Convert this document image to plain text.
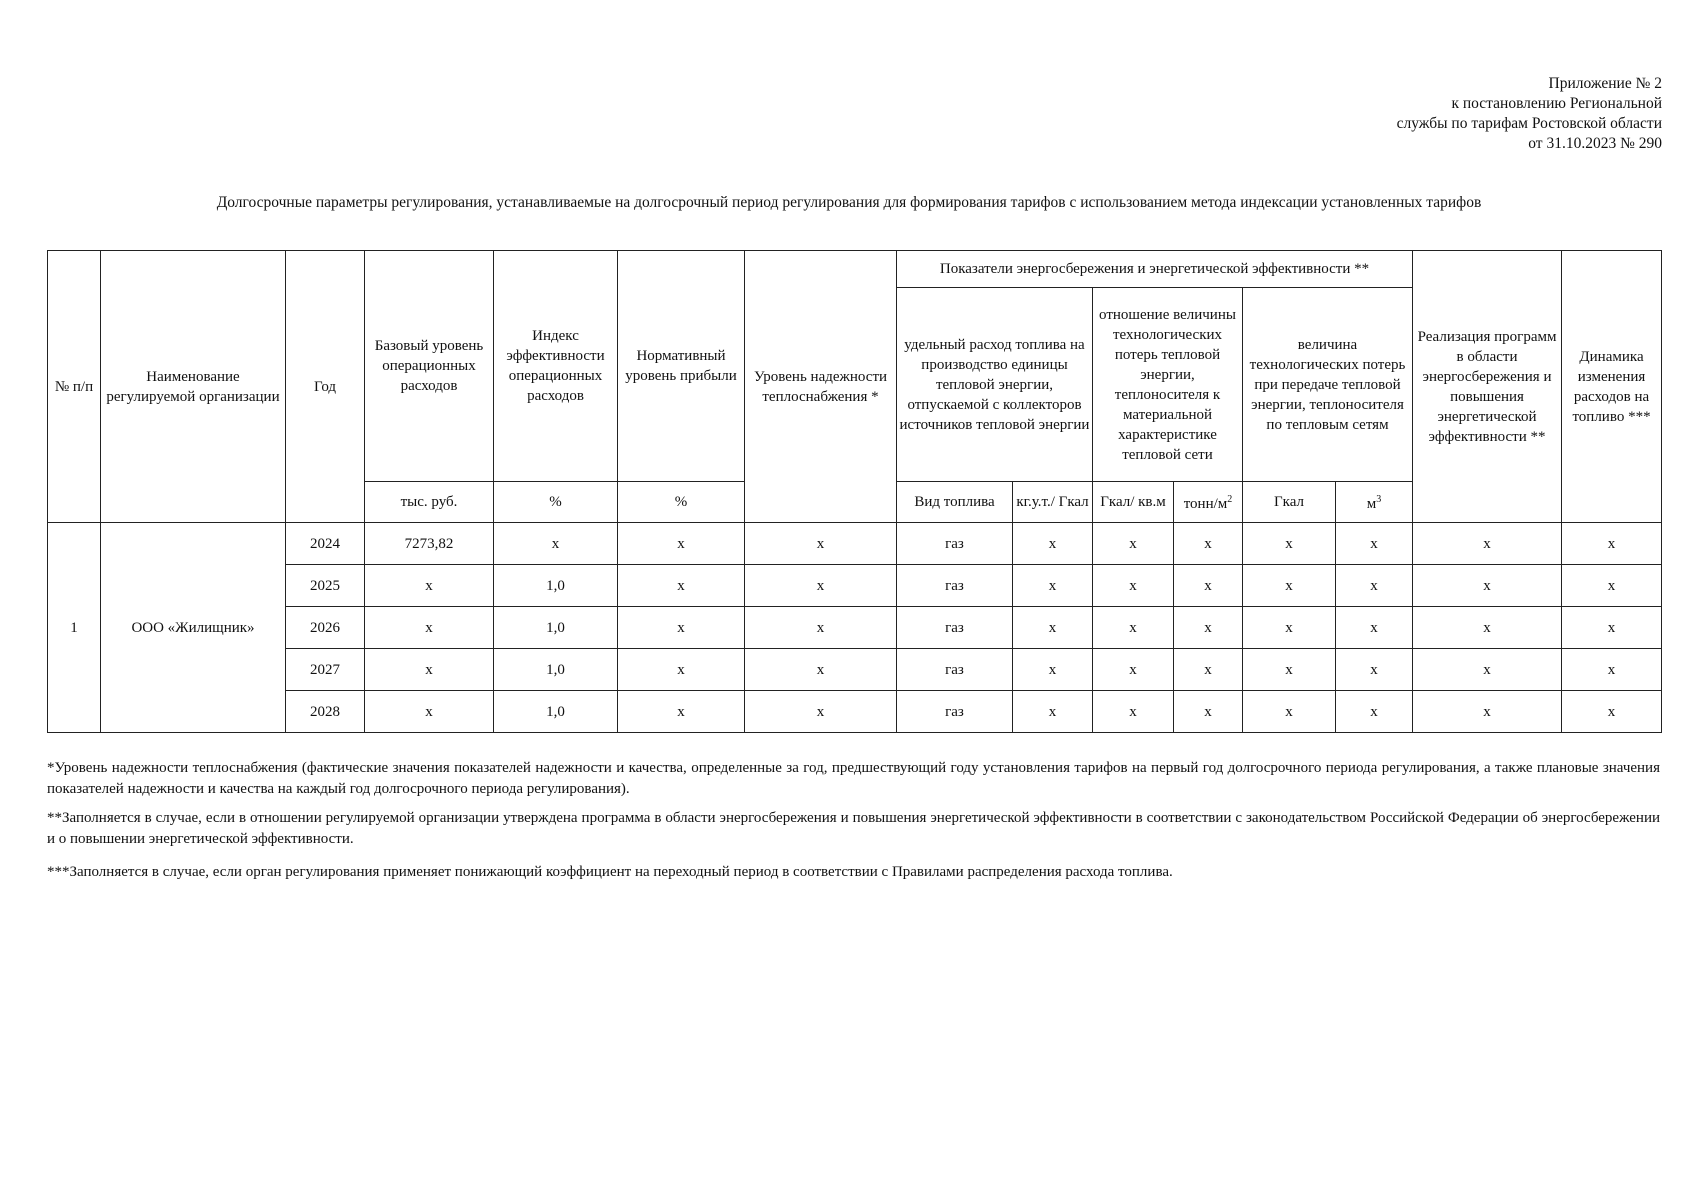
Приложение № 2
к постановлению Региональной
службы по тарифам Ростовской области
от 31.10.2023 № 290
Долгосрочные параметры регулирования, устанавливаемые на долгосрочный период регулирования для формирования тарифов с использованием метода индексации установленных тарифов
№ п/п	Наименование регулируемой организации	Год	Базовый уровень операционных расходов	Индекс эффективности операционных расходов	Нормативный уровень прибыли	Уровень надежности теплоснабжения *	Показатели энергосбережения и энергетической эффективности **						Реализация программ в области энергосбережения и повышения энергетической эффективности **	Динамика изменения расходов на топливо ***
							удельный расход топлива на производство единицы тепловой энергии, отпускаемой с коллекторов источников тепловой энергии		отношение величины технологических потерь тепловой энергии, теплоносителя к материальной характеристике тепловой сети		величина технологических потерь при передаче тепловой энергии, теплоносителя по тепловым сетям			
			тыс. руб.	%	%		Вид топлива	кг.у.т./ Гкал	Гкал/ кв.м	тонн/$м^2$	Гкал	$м^3$
1	ООО «Жилищник»	2024	7273,82	x	x	x	газ	x	x	x	x	x	x	x
		2025	x	1,0	x	x	газ	x	x	x	x	x	x	x
		2026	x	1,0	x	x	газ	x	x	x	x	x	x	x
		2027	x	1,0	x	x	газ	x	x	x	x	x	x	x
		2028	x	1,0	x	x	газ	x	x	x	x	x	x	x

*Уровень надежности теплоснабжения (фактические значения показателей надежности и качества, определенные за год, предшествующий году установления тарифов на первый год долгосрочного периода регулирования, а также плановые значения показателей надежности и качества на каждый год долгосрочного периода регулирования).

**Заполняется в случае, если в отношении регулируемой организации утверждена программа в области энергосбережения и повышения энергетической эффективности в соответствии с законодательством Российской Федерации об энергосбережении и о повышении энергетической эффективности.

***Заполняется в случае, если орган регулирования применяет понижающий коэффициент на переходный период в соответствии с Правилами распределения расхода топлива.
